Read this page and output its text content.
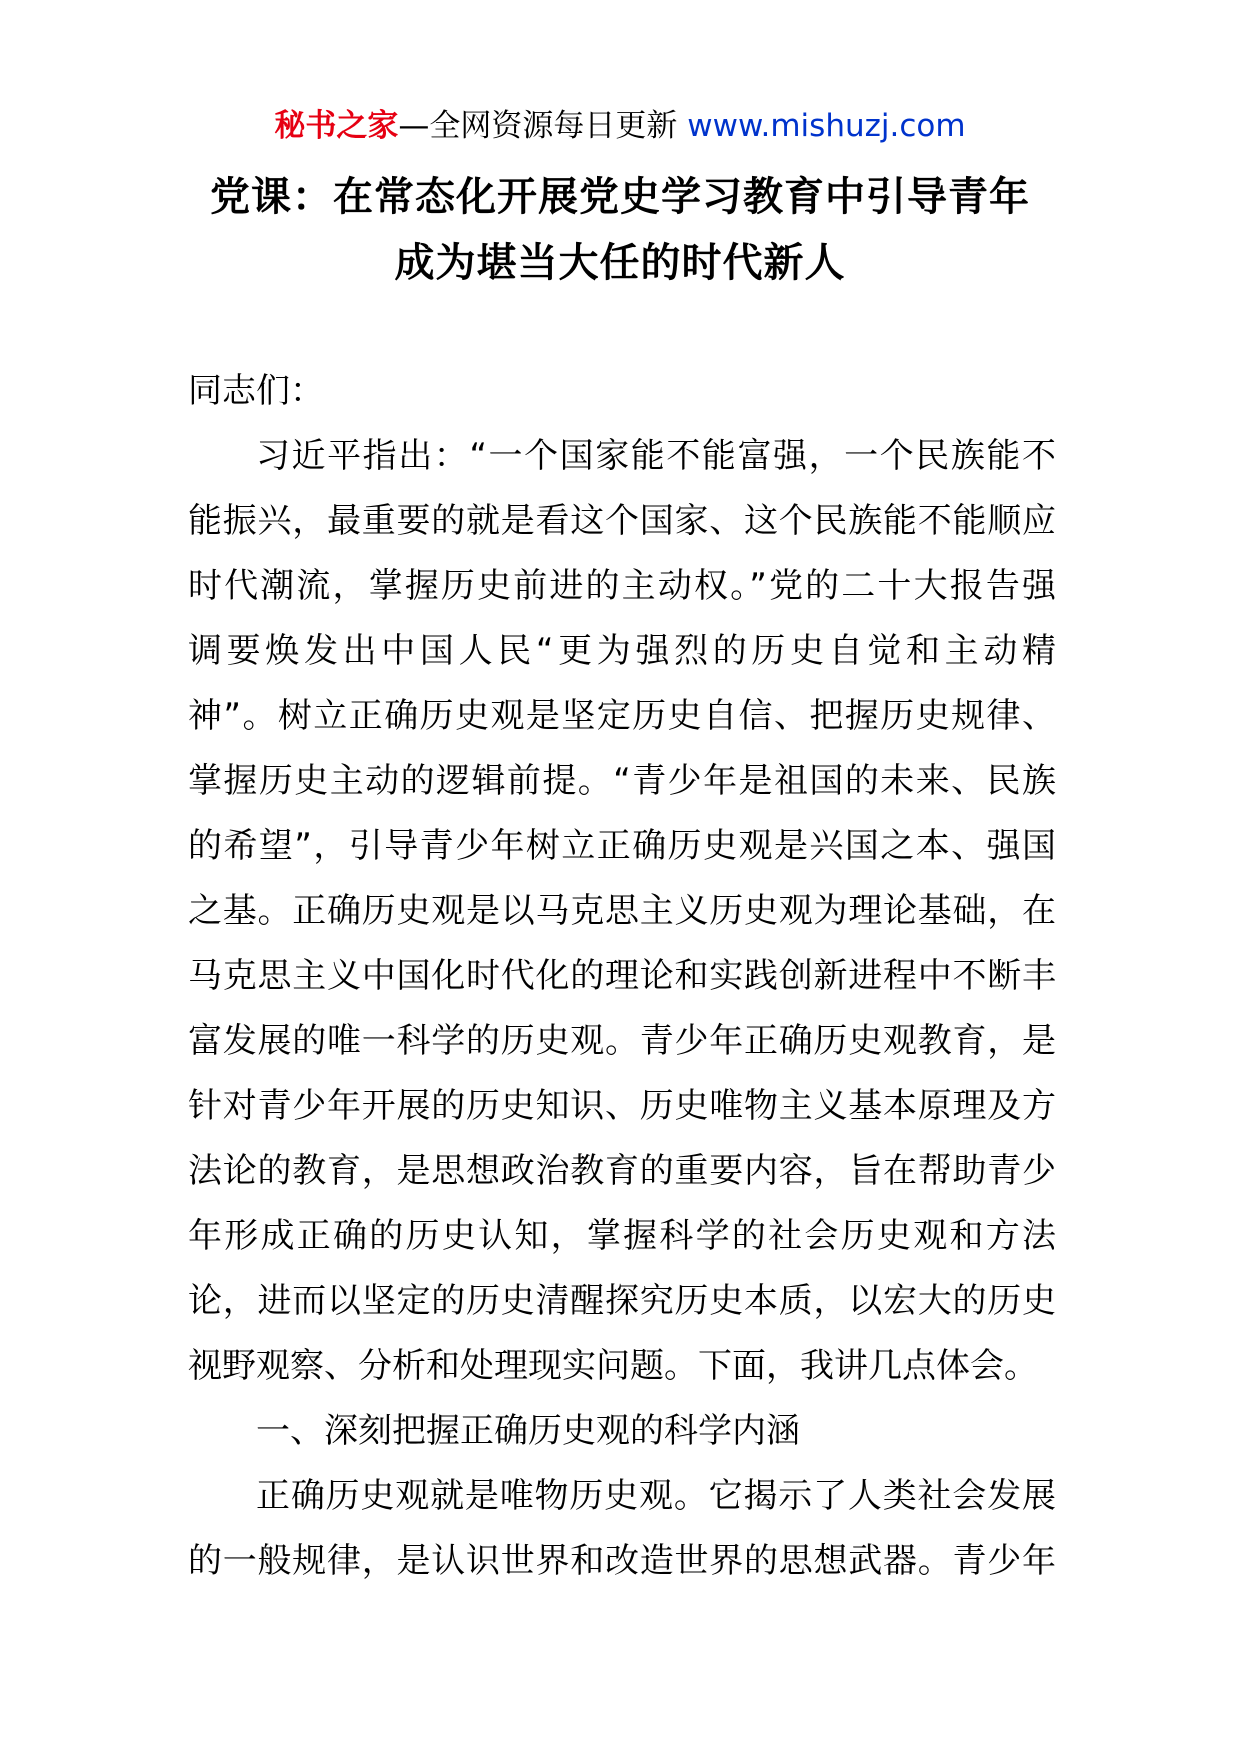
秘书之家—全网资源每日更新 www.mishuzj.com
党课：在常态化开展党史学习教育中引导青年
成为堪当大任的时代新人

同志们：

习近平指出：“一个国家能不能富强，一个民族能不
能振兴，最重要的就是看这个国家、这个民族能不能顺应
时代潮流，掌握历史前进的主动权。”党的二十大报告强
调要焕发出中国人民“更为强烈的历史自觉和主动精
神”。树立正确历史观是坚定历史自信、把握历史规律、
掌握历史主动的逻辑前提。“青少年是祖国的未来、民族
的希望”，引导青少年树立正确历史观是兴国之本、强国
之基。正确历史观是以马克思主义历史观为理论基础，在
马克思主义中国化时代化的理论和实践创新进程中不断丰
富发展的唯一科学的历史观。青少年正确历史观教育，是
针对青少年开展的历史知识、历史唯物主义基本原理及方
法论的教育，是思想政治教育的重要内容，旨在帮助青少
年形成正确的历史认知，掌握科学的社会历史观和方法
论，进而以坚定的历史清醒探究历史本质，以宏大的历史
视野观察、分析和处理现实问题。下面，我讲几点体会。

一、深刻把握正确历史观的科学内涵

正确历史观就是唯物历史观。它揭示了人类社会发展
的一般规律，是认识世界和改造世界的思想武器。青少年
